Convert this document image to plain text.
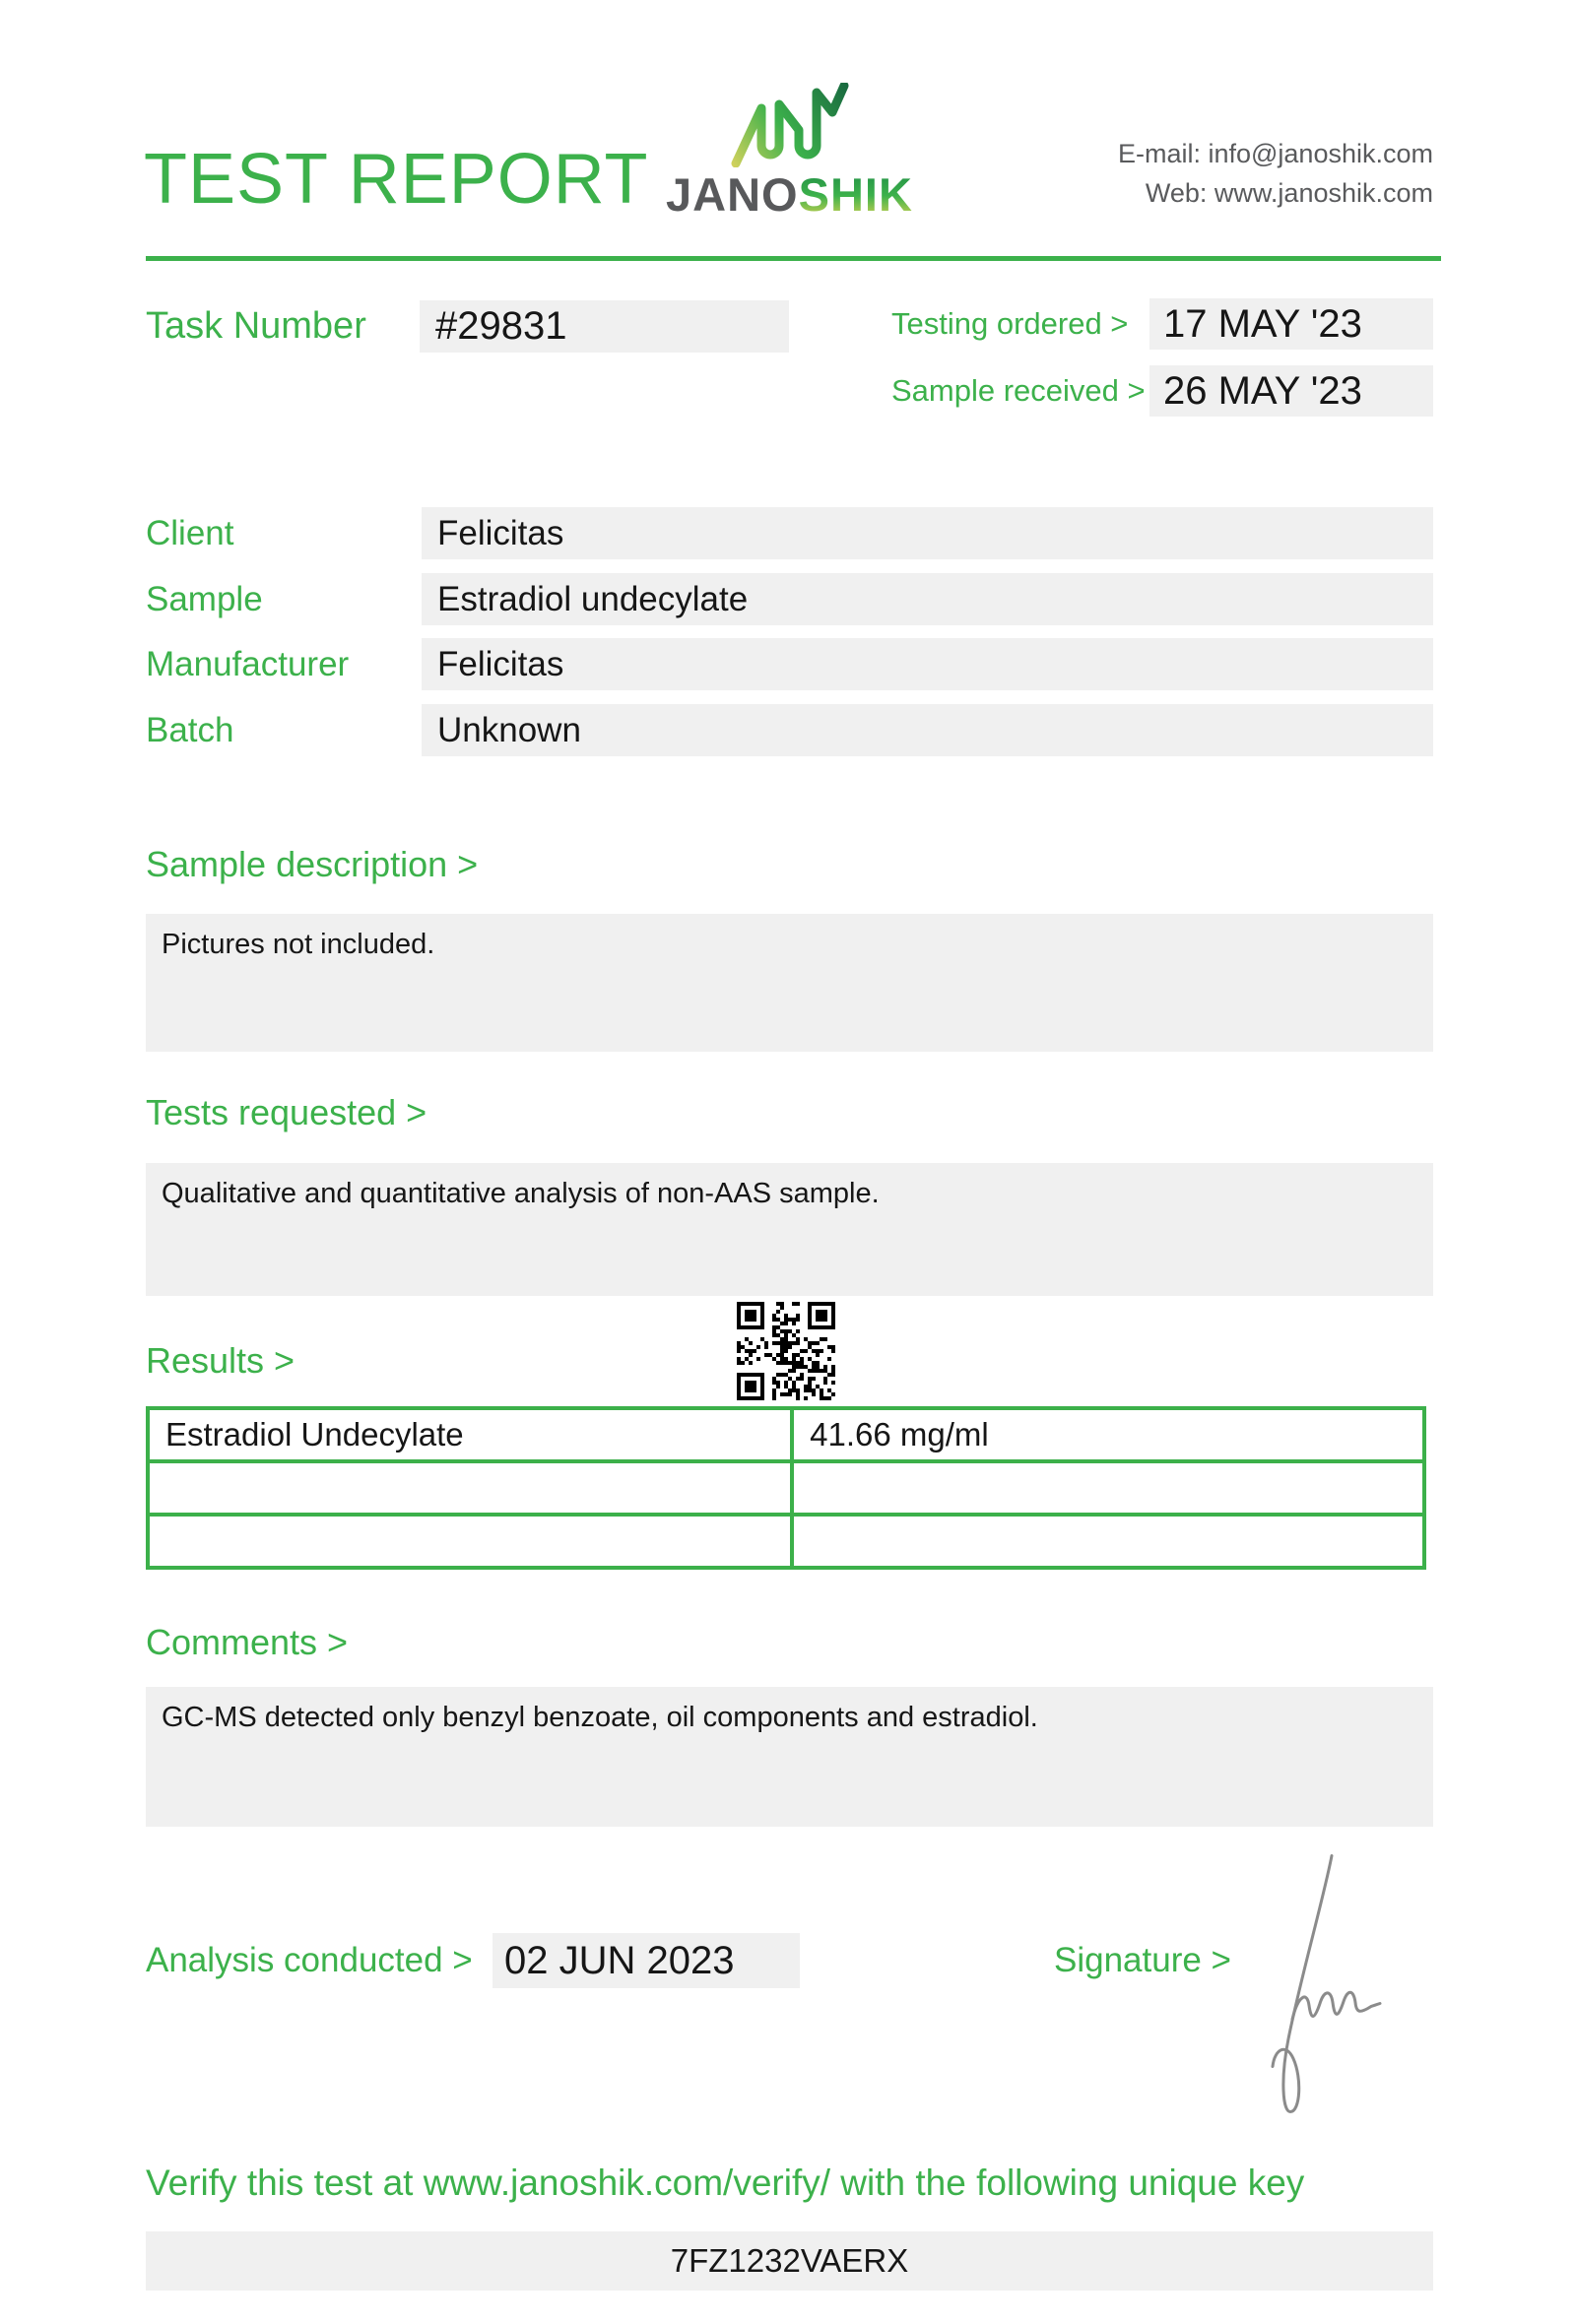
TEST REPORT JANOSHIK
E-mail: info@janoshik.com
Web: www.janoshik.com
Task Number	#29831	Testing ordered > 17 MAY '23
Sample received > 26 MAY '23
Client	Felicitas
Sample	Estradiol undecylate
Manufacturer	Felicitas
Batch	Unknown
Sample description >
Pictures not included.
Tests requested >
Qualitative and quantitative analysis of non-AAS sample.
Results >
Estradiol Undecylate	41.66 mg/ml

Comments >
GC-MS detected only benzyl benzoate, oil components and estradiol.
Analysis conducted > 02 JUN 2023	Signature >
Verify this test at www.janoshik.com/verify/ with the following unique key
7FZ1232VAERX
